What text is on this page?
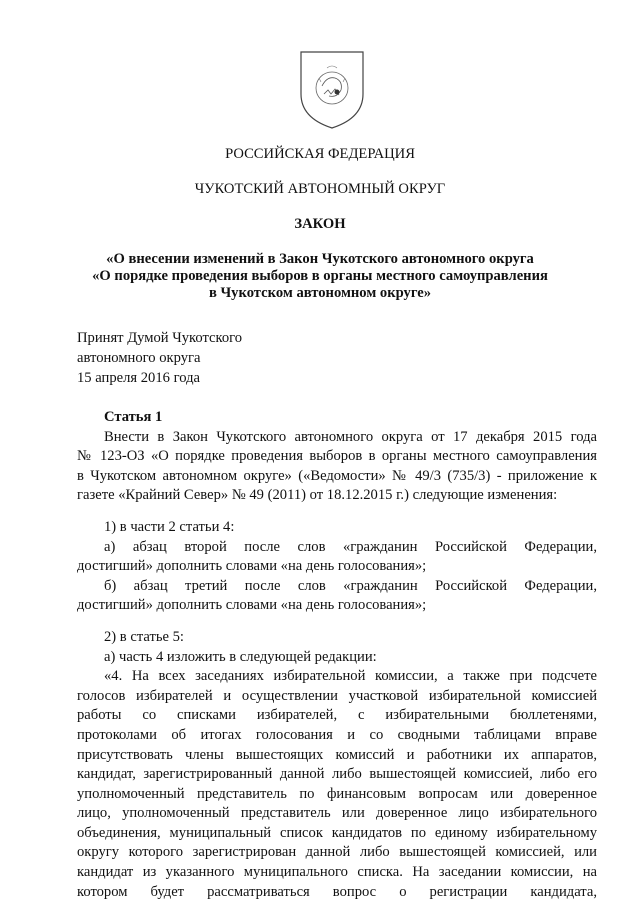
РОССИЙСКАЯ ФЕДЕРАЦИЯ
ЧУКОТСКИЙ АВТОНОМНЫЙ ОКРУГ
ЗАКОН
«О внесении изменений в Закон Чукотского автономного округа
«О порядке проведения выборов в органы местного самоуправления
в Чукотском автономном округе»
Принят Думой Чукотского
автономного округа
15 апреля 2016 года
Статья 1
Внести в Закон Чукотского автономного округа от 17 декабря 2015 года
№ 123-ОЗ «О порядке проведения выборов в органы местного самоуправления
в Чукотском автономном округе» («Ведомости» № 49/3 (735/3) - приложение к
газете «Крайний Север» № 49 (2011) от 18.12.2015 г.) следующие изменения:
1) в части 2 статьи 4:
а) абзац второй после слов «гражданин Российской Федерации,
достигший» дополнить словами «на день голосования»;
б) абзац третий после слов «гражданин Российской Федерации,
достигший» дополнить словами «на день голосования»;
2) в статье 5:
а) часть 4 изложить в следующей редакции:
«4. На всех заседаниях избирательной комиссии, а также при подсчете
голосов избирателей и осуществлении участковой избирательной комиссией
работы со списками избирателей, с избирательными бюллетенями,
протоколами об итогах голосования и со сводными таблицами вправе
присутствовать члены вышестоящих комиссий и работники их аппаратов,
кандидат, зарегистрированный данной либо вышестоящей комиссией, либо его
уполномоченный представитель по финансовым вопросам или доверенное
лицо, уполномоченный представитель или доверенное лицо избирательного
объединения, муниципальный список кандидатов по единому избирательному
округу которого зарегистрирован данной либо вышестоящей комиссией, или
кандидат из указанного муниципального списка. На заседании комиссии, на
котором будет рассматриваться вопрос о регистрации кандидата,
